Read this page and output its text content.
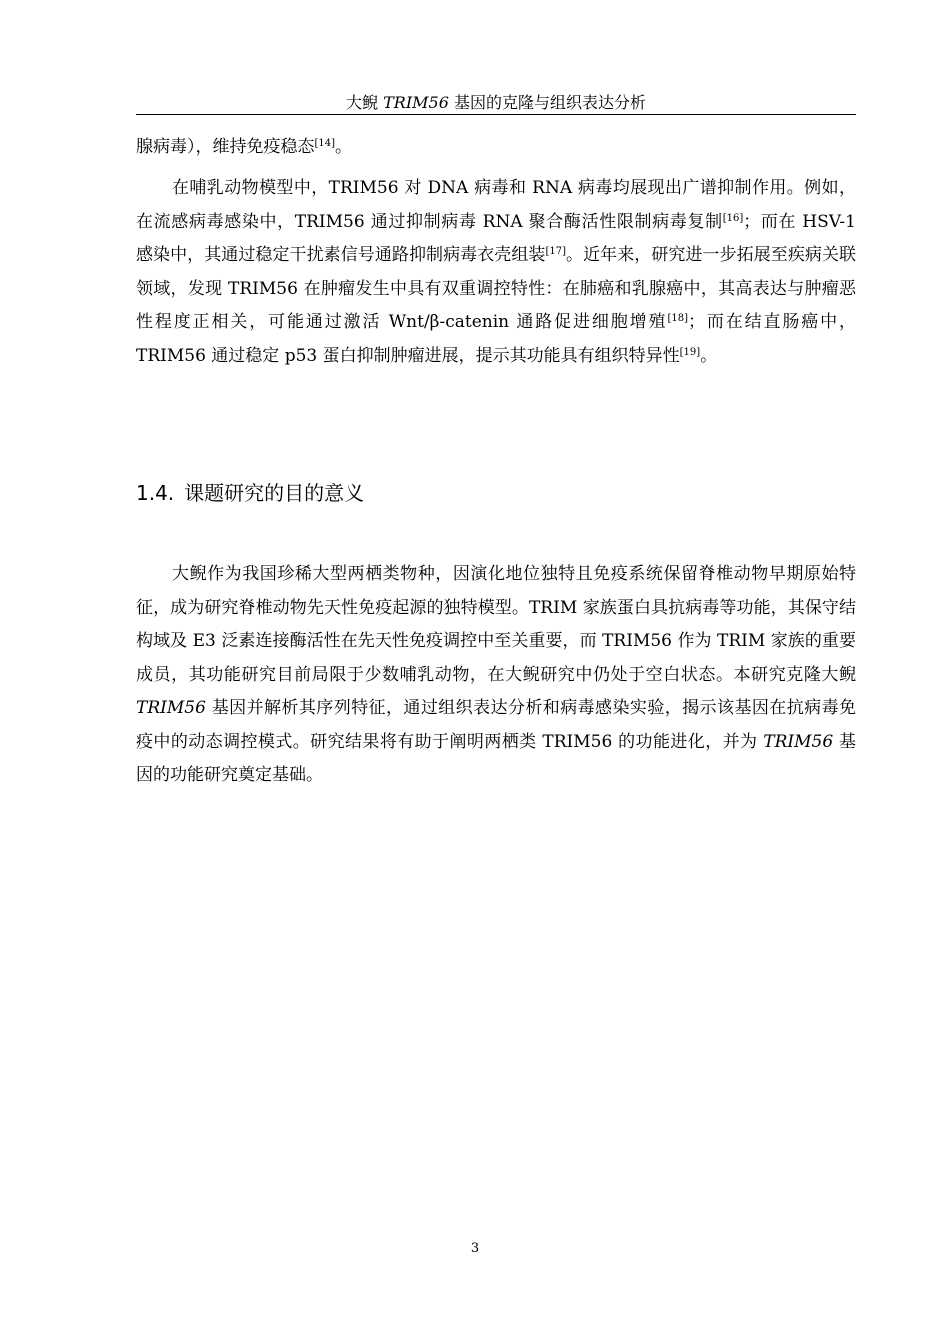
大鲵 TRIM56 基因的克隆与组织表达分析

腺病毒），维持免疫稳态[14]。

在哺乳动物模型中，TRIM56 对 DNA 病毒和 RNA 病毒均展现出广谱抑制作用。例如，在流感病毒感染中，TRIM56 通过抑制病毒 RNA 聚合酶活性限制病毒复制[16]；而在 HSV-1 感染中，其通过稳定干扰素信号通路抑制病毒衣壳组装[17]。近年来，研究进一步拓展至疾病关联领域，发现 TRIM56 在肿瘤发生中具有双重调控特性：在肺癌和乳腺癌中，其高表达与肿瘤恶性程度正相关，可能通过激活 Wnt/β-catenin 通路促进细胞增殖[18]；而在结直肠癌中，TRIM56 通过稳定 p53 蛋白抑制肿瘤进展，提示其功能具有组织特异性[19]。

1.4. 课题研究的目的意义

大鲵作为我国珍稀大型两栖类物种，因演化地位独特且免疫系统保留脊椎动物早期原始特征，成为研究脊椎动物先天性免疫起源的独特模型。TRIM 家族蛋白具抗病毒等功能，其保守结构域及 E3 泛素连接酶活性在先天性免疫调控中至关重要，而 TRIM56 作为 TRIM 家族的重要成员，其功能研究目前局限于少数哺乳动物，在大鲵研究中仍处于空白状态。本研究克隆大鲵 TRIM56 基因并解析其序列特征，通过组织表达分析和病毒感染实验，揭示该基因在抗病毒免疫中的动态调控模式。研究结果将有助于阐明两栖类 TRIM56 的功能进化，并为 TRIM56 基因的功能研究奠定基础。

3
